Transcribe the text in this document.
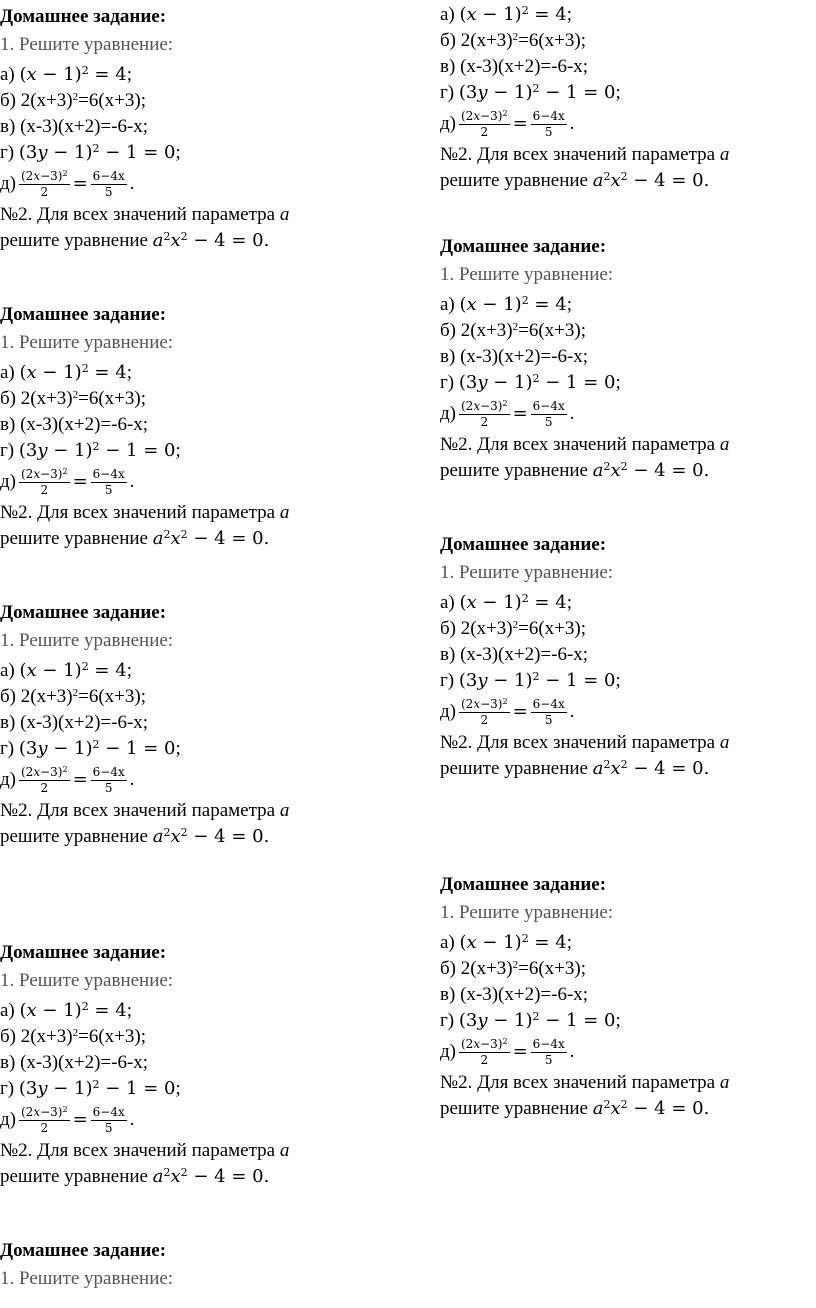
Домашнее задание:
1. Решите уравнение:
а) $(x - 1)^2 = 4$;
б) $2(x+3)^2=6(x+3)$;
в) (x-3)(x+2)=-6-x;
г) $(3y - 1)^2 - 1 = 0$;
$д) \frac{(2x-3)^2}{2} = \frac{6-4x}{5}$ .
№2. Для всех значений параметра a
решите уравнение $a^2x^2 - 4 = 0$.
Домашнее задание:
1. Решите уравнение:
а) $(x - 1)^2 = 4$;
б) $2(x+3)^2=6(x+3)$;
в) (x-3)(x+2)=-6-x;
г) $(3y - 1)^2 - 1 = 0$;
$д) \frac{(2x-3)^2}{2} = \frac{6-4x}{5}$ .
№2. Для всех значений параметра a
решите уравнение $a^2x^2 - 4 = 0$.
Домашнее задание:
1. Решите уравнение:
а) $(x - 1)^2 = 4$;
б) $2(x+3)^2=6(x+3)$;
в) (x-3)(x+2)=-6-x;
г) $(3y - 1)^2 - 1 = 0$;
$д) \frac{(2x-3)^2}{2} = \frac{6-4x}{5}$ .
№2. Для всех значений параметра a
решите уравнение $a^2x^2 - 4 = 0$.
Домашнее задание:
1. Решите уравнение:
а) $(x - 1)^2 = 4$;
б) $2(x+3)^2=6(x+3)$;
в) (x-3)(x+2)=-6-x;
г) $(3y - 1)^2 - 1 = 0$;
$д) \frac{(2x-3)^2}{2} = \frac{6-4x}{5}$ .
№2. Для всех значений параметра a
решите уравнение $a^2x^2 - 4 = 0$.
Домашнее задание:
1. Решите уравнение:
а) $(x - 1)^2 = 4$;
б) $2(x+3)^2=6(x+3)$;
в) (x-3)(x+2)=-6-x;
г) $(3y - 1)^2 - 1 = 0$;
$д) \frac{(2x-3)^2}{2} = \frac{6-4x}{5}$ .
№2. Для всех значений параметра a
решите уравнение $a^2x^2 - 4 = 0$.
Домашнее задание:
1. Решите уравнение:
а) $(x - 1)^2 = 4$;
б) $2(x+3)^2=6(x+3)$;
в) (x-3)(x+2)=-6-x;
г) $(3y - 1)^2 - 1 = 0$;
$д) \frac{(2x-3)^2}{2} = \frac{6-4x}{5}$ .
№2. Для всех значений параметра a
решите уравнение $a^2x^2 - 4 = 0$.
Домашнее задание:
1. Решите уравнение:
а) $(x - 1)^2 = 4$;
б) $2(x+3)^2=6(x+3)$;
в) (x-3)(x+2)=-6-x;
г) $(3y - 1)^2 - 1 = 0$;
$д) \frac{(2x-3)^2}{2} = \frac{6-4x}{5}$ .
№2. Для всех значений параметра a
решите уравнение $a^2x^2 - 4 = 0$.
Домашнее задание:
1. Решите уравнение:
а) $(x - 1)^2 = 4$;
б) $2(x+3)^2=6(x+3)$;
в) (x-3)(x+2)=-6-x;
г) $(3y - 1)^2 - 1 = 0$;
$д) \frac{(2x-3)^2}{2} = \frac{6-4x}{5}$ .
№2. Для всех значений параметра a
решите уравнение $a^2x^2 - 4 = 0$.
